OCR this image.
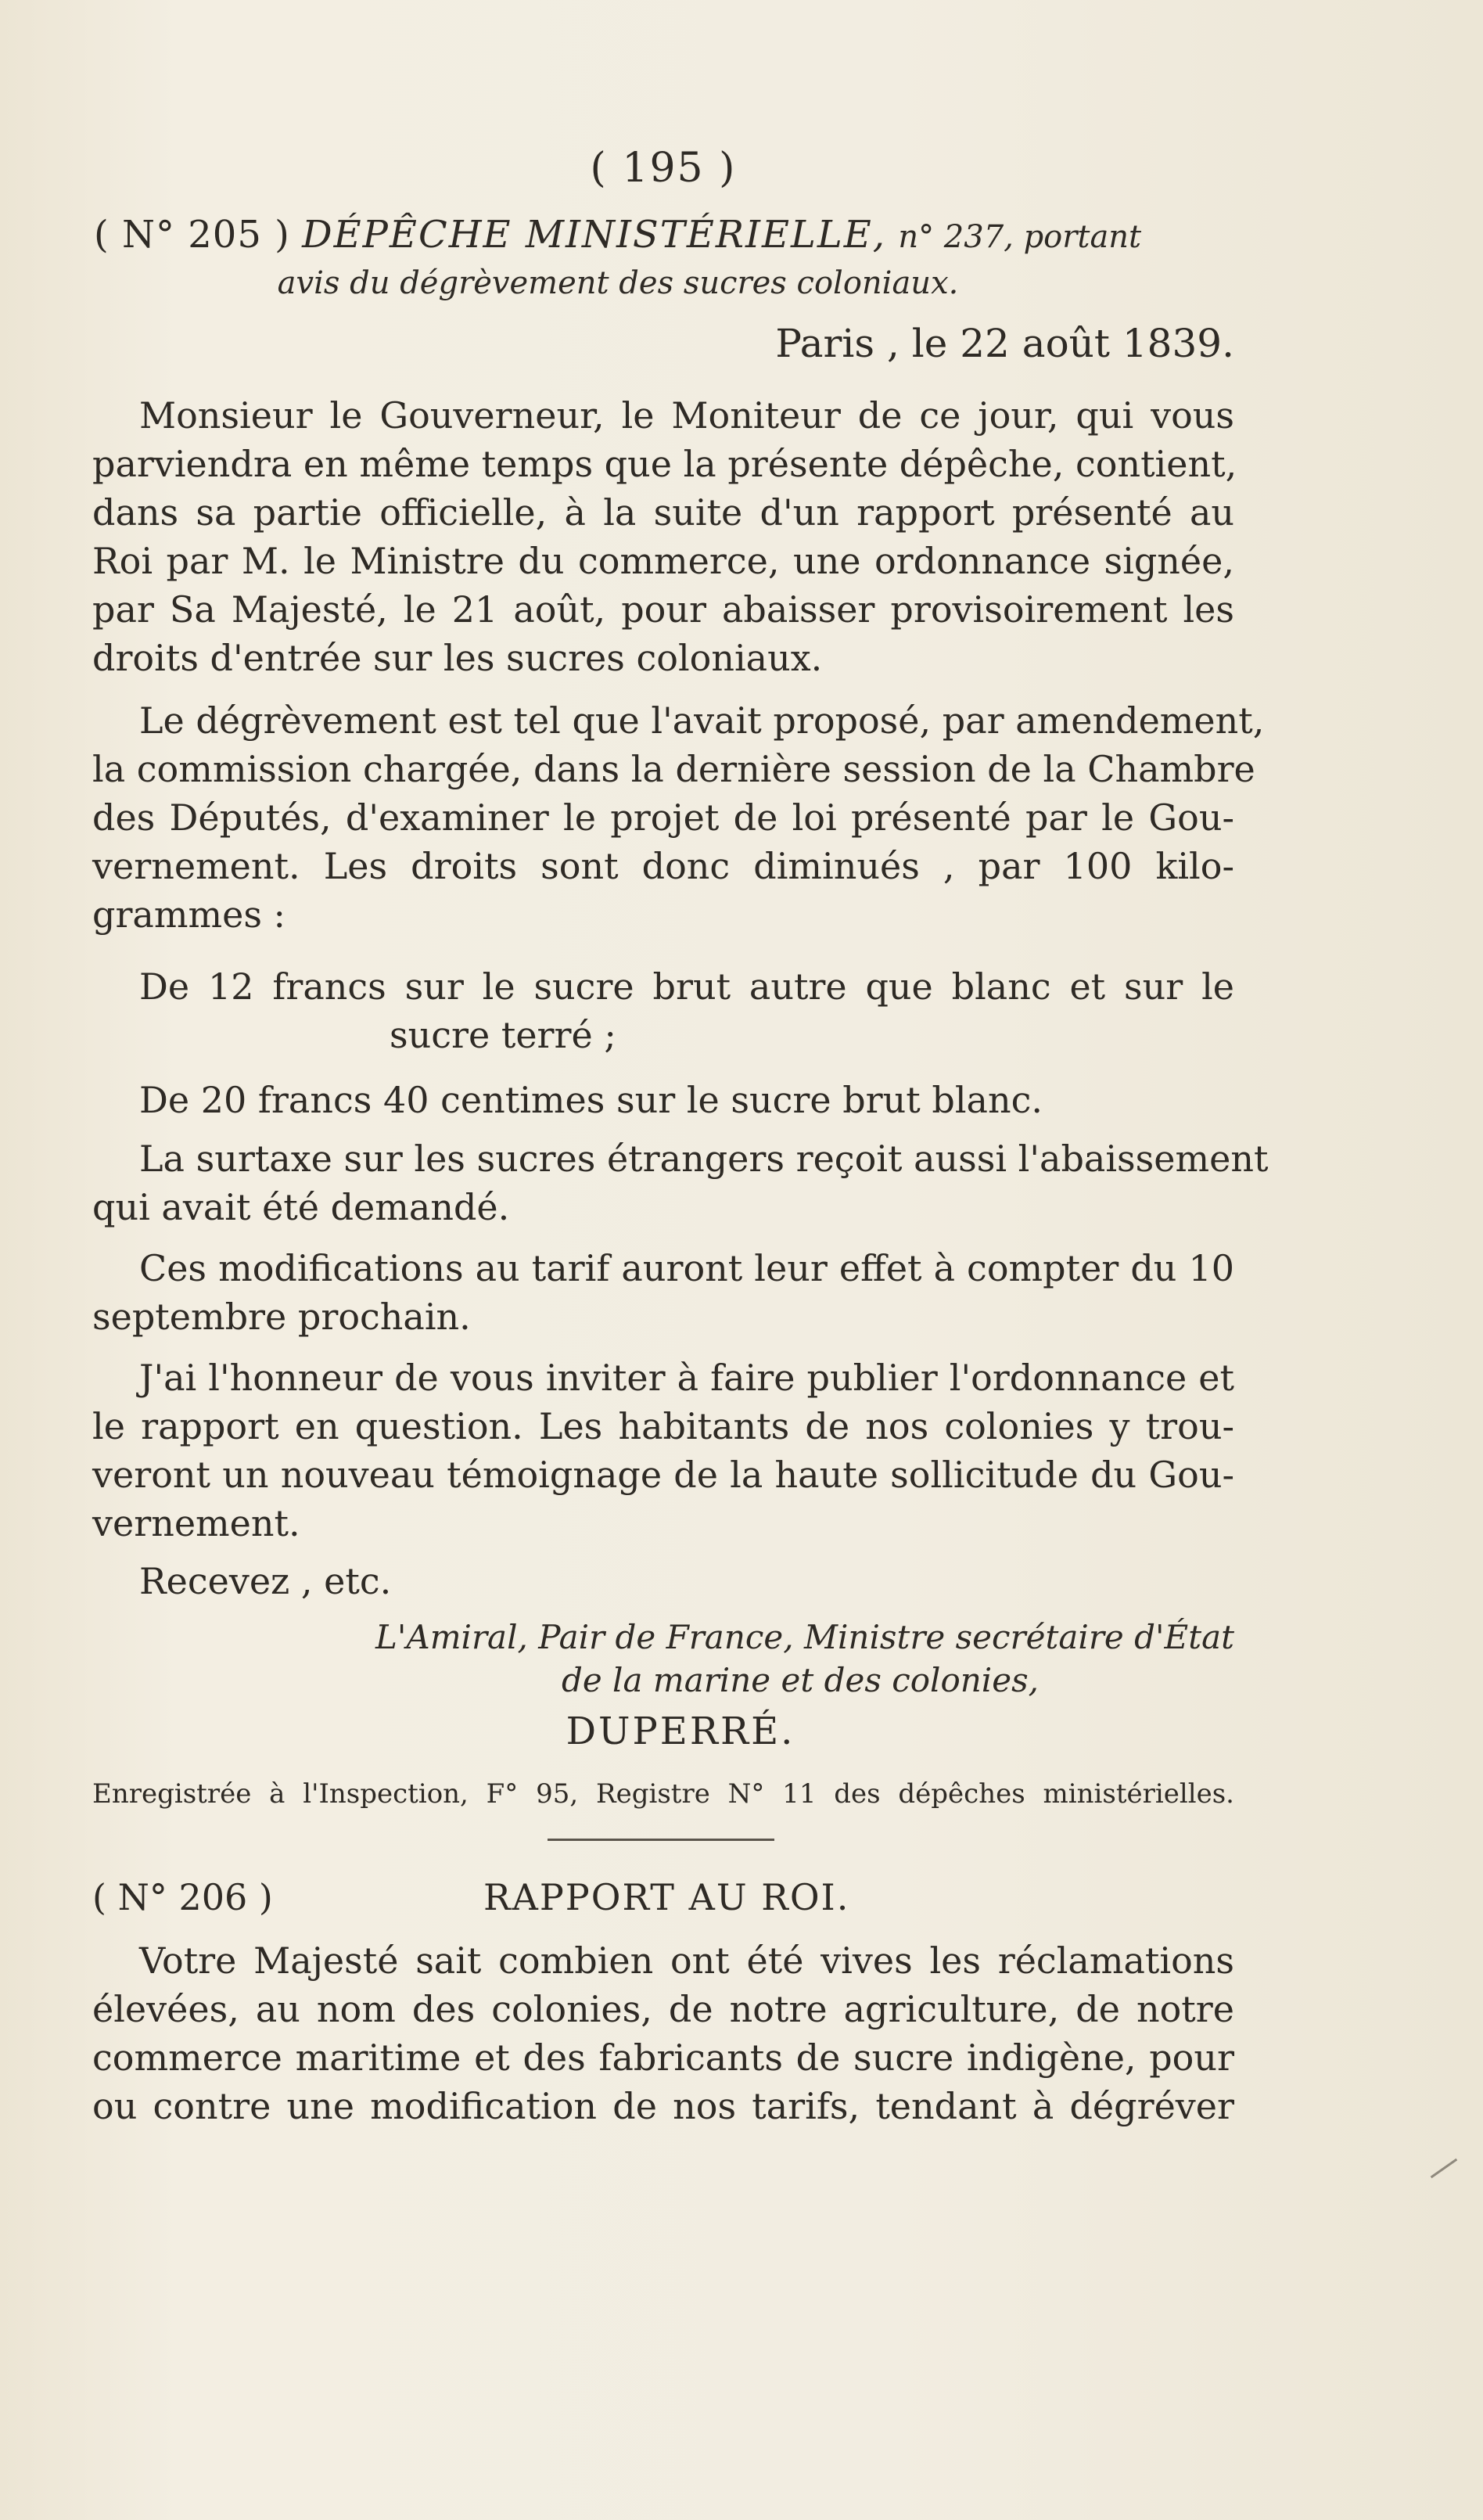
( 195 )
( N° 205 ) DÉPÊCHE MINISTÉRIELLE, n° 237, portant
avis du dégrèvement des sucres coloniaux.
Paris , le 22 août 1839.
Monsieur le Gouverneur, le Moniteur de ce jour, qui vous
parviendra en même temps que la présente dépêche, contient,
dans sa partie officielle, à la suite d'un rapport présenté au
Roi par M. le Ministre du commerce, une ordonnance signée,
par Sa Majesté, le 21 août, pour abaisser provisoirement les
droits d'entrée sur les sucres coloniaux.
Le dégrèvement est tel que l'avait proposé, par amendement,
la commission chargée, dans la dernière session de la Chambre
des Députés, d'examiner le projet de loi présenté par le Gou-
vernement. Les droits sont donc diminués , par 100 kilo-
grammes :
De 12 francs sur le sucre brut autre que blanc et sur le
sucre terré ;
De 20 francs 40 centimes sur le sucre brut blanc.
La surtaxe sur les sucres étrangers reçoit aussi l'abaissement
qui avait été demandé.
Ces modifications au tarif auront leur effet à compter du 10
septembre prochain.
J'ai l'honneur de vous inviter à faire publier l'ordonnance et
le rapport en question. Les habitants de nos colonies y trou-
veront un nouveau témoignage de la haute sollicitude du Gou-
vernement.
Recevez , etc.
L'Amiral, Pair de France, Ministre secrétaire d'État
de la marine et des colonies,
DUPERRÉ.
Enregistrée à l'Inspection, F° 95, Registre N° 11 des dépêches ministérielles.
( N° 206 )	RAPPORT AU ROI.
Votre Majesté sait combien ont été vives les réclamations
élevées, au nom des colonies, de notre agriculture, de notre
commerce maritime et des fabricants de sucre indigène, pour
ou contre une modification de nos tarifs, tendant à dégréver
